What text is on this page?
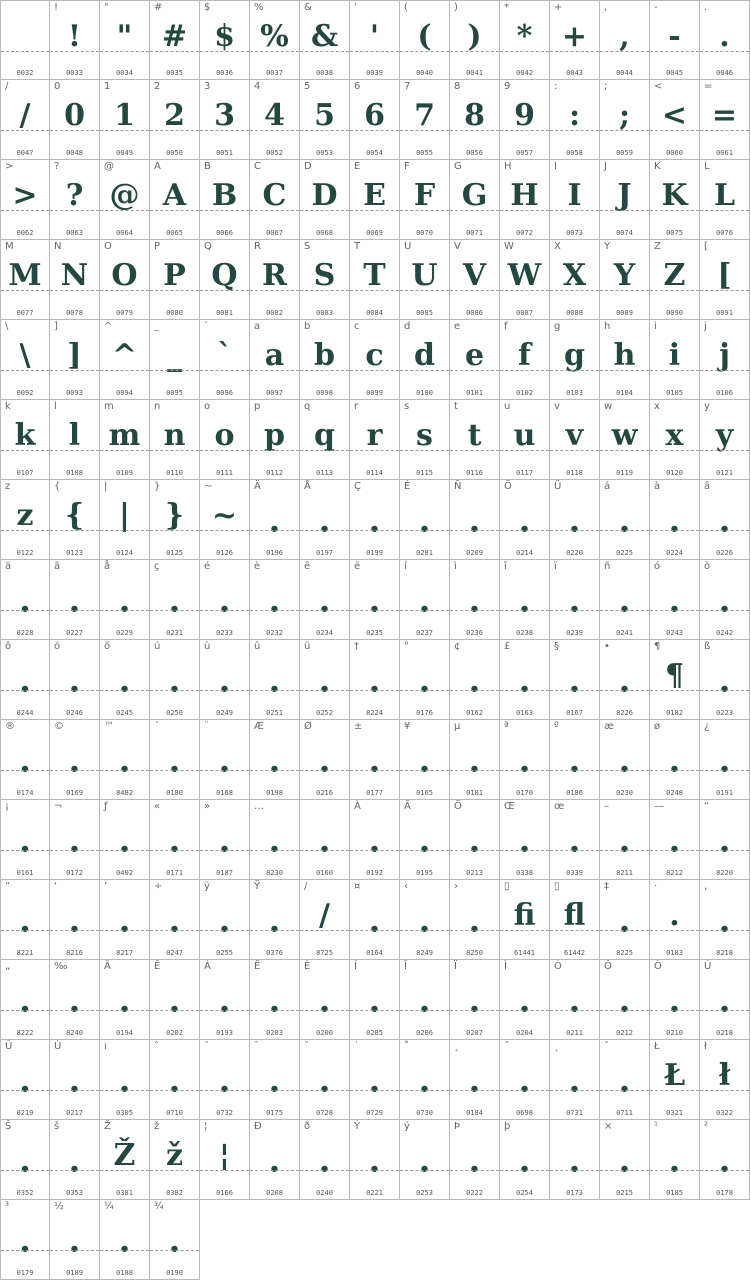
0032
!
!
0033
"
"
0034
#
#
0035
$
$
0036
%
%
0037
&
&
0038
'
'
0039
(
(
0040
)
)
0041
*
*
0042
+
+
0043
,
,
0044
-
-
0045
.
.
0046
/
/
0047
0
0
0048
1
1
0049
2
2
0050
3
3
0051
4
4
0052
5
5
0053
6
6
0054
7
7
0055
8
8
0056
9
9
0057
:
:
0058
;
;
0059
<
<
0060
=
=
0061
>
>
0062
?
?
0063
@
@
0064
A
A
0065
B
B
0066
C
C
0067
D
D
0068
E
E
0069
F
F
0070
G
G
0071
H
H
0072
I
I
0073
J
J
0074
K
K
0075
L
L
0076
M
M
0077
N
N
0078
O
O
0079
P
P
0080
Q
Q
0081
R
R
0082
S
S
0083
T
T
0084
U
U
0085
V
V
0086
W
W
0087
X
X
0088
Y
Y
0089
Z
Z
0090
[
[
0091
\
\
0092
]
]
0093
^
^
0094
_
_
0095
`
`
0096
a
a
0097
b
b
0098
c
c
0099
d
d
0100
e
e
0101
f
f
0102
g
g
0103
h
h
0104
i
i
0105
j
j
0106
k
k
0107
l
l
0108
m
m
0109
n
n
0110
o
o
0111
p
p
0112
q
q
0113
r
r
0114
s
s
0115
t
t
0116
u
u
0117
v
v
0118
w
w
0119
x
x
0120
y
y
0121
z
z
0122
{
{
0123
|
|
0124
}
}
0125
~
~
0126
Ä
•
0196
Å
•
0197
Ç
•
0199
É
•
0201
Ñ
•
0209
Ö
•
0214
Ü
•
0220
á
•
0225
à
•
0224
â
•
0226
ä
•
0228
ã
•
0227
å
•
0229
ç
•
0231
é
•
0233
è
•
0232
ê
•
0234
ë
•
0235
í
•
0237
ì
•
0236
î
•
0238
ï
•
0239
ñ
•
0241
ó
•
0243
ò
•
0242
ô
•
0244
ö
•
0246
õ
•
0245
ú
•
0250
ù
•
0249
û
•
0251
ü
•
0252
†
•
8224
°
•
0176
¢
•
0162
£
•
0163
§
•
0167
•
•
8226
¶
¶
0182
ß
•
0223
®
•
0174
©
•
0169
™
•
8482
´
•
0180
¨
•
0168
Æ
•
0198
Ø
•
0216
±
•
0177
¥
•
0165
µ
•
0181
ª
•
0170
º
•
0186
æ
•
0230
ø
•
0248
¿
•
0191
¡
•
0161
¬
•
0172
ƒ
•
0402
«
•
0171
»
•
0187
…
•
8230
•
0160
À
•
0192
Ã
•
0195
Õ
•
0213
Œ
•
0338
œ
•
0339
–
•
8211
—
•
8212
“
•
8220
”
•
8221
‘
•
8216
’
•
8217
÷
•
0247
ÿ
•
0255
Ÿ
•
0376
/
/
8725
¤
•
0164
‹
•
8249
›
•
8250
▯
fi
61441
▯
fl
61442
‡
•
8225
·
.
0183
‚
•
8218
„
•
8222
‰
•
8240
Â
•
0194
Ê
•
0202
Á
•
0193
Ë
•
0203
È
•
0200
Í
•
0205
Î
•
0206
Ï
•
0207
Ì
•
0204
Ó
•
0211
Ô
•
0212
Ò
•
0210
Ú
•
0218
Û
•
0219
Ù
•
0217
ı
•
0305
ˆ
•
0710
˜
•
0732
¯
•
0175
˘
•
0728
˙
•
0729
˚
•
0730
¸
•
0184
˝
•
0698
˛
•
0731
ˇ
•
0711
Ł
Ł
0321
ł
ł
0322
Š
•
0352
š
•
0353
Ž
Ž
0381
ž
ž
0382
¦
¦
0166
Ð
•
0208
ð
•
0240
Ý
•
0221
ý
•
0253
Þ
•
0222
þ
•
0254
•
0173
×
•
0215
¹
•
0185
²
•
0178
³
•
0179
½
•
0189
¼
•
0188
¾
•
0190
